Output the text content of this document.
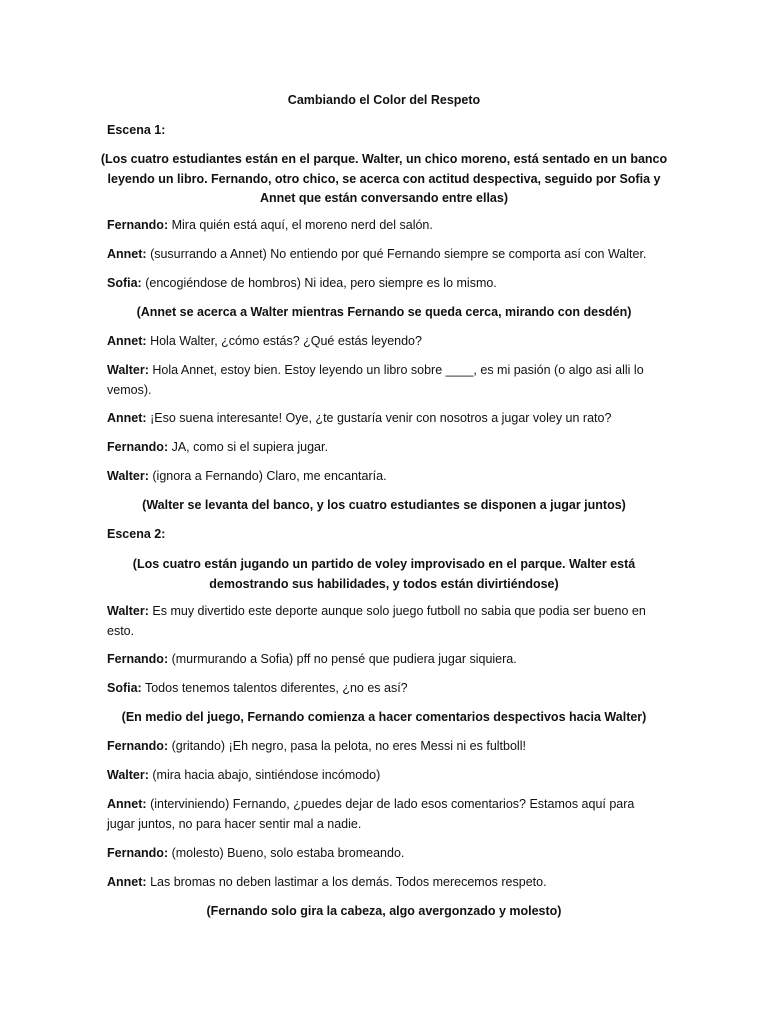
Cambiando el Color del Respeto
Escena 1:
(Los cuatro estudiantes están en el parque. Walter, un chico moreno, está sentado en un banco leyendo un libro. Fernando, otro chico, se acerca con actitud despectiva, seguido por Sofia y Annet que están conversando entre ellas)
Fernando: Mira quién está aquí, el moreno nerd del salón.
Annet: (susurrando a Annet) No entiendo por qué Fernando siempre se comporta así con Walter.
Sofia: (encogiéndose de hombros) Ni idea, pero siempre es lo mismo.
(Annet se acerca a Walter mientras Fernando se queda cerca, mirando con desdén)
Annet: Hola Walter, ¿cómo estás? ¿Qué estás leyendo?
Walter: Hola Annet, estoy bien. Estoy leyendo un libro sobre ____, es mi pasión (o algo asi alli lo vemos).
Annet: ¡Eso suena interesante! Oye, ¿te gustaría venir con nosotros a jugar voley un rato?
Fernando: JA, como si el supiera jugar.
Walter: (ignora a Fernando) Claro, me encantaría.
(Walter se levanta del banco, y los cuatro estudiantes se disponen a jugar juntos)
Escena 2:
(Los cuatro están jugando un partido de voley improvisado en el parque. Walter está demostrando sus habilidades, y todos están divirtiéndose)
Walter: Es muy divertido este deporte aunque solo juego futboll no sabia que podia ser bueno en esto.
Fernando: (murmurando a Sofia) pff no pensé que pudiera jugar siquiera.
Sofia: Todos tenemos talentos diferentes, ¿no es así?
(En medio del juego, Fernando comienza a hacer comentarios despectivos hacia Walter)
Fernando: (gritando) ¡Eh negro, pasa la pelota, no eres Messi ni es fultboll!
Walter: (mira hacia abajo, sintiéndose incómodo)
Annet: (interviniendo) Fernando, ¿puedes dejar de lado esos comentarios? Estamos aquí para jugar juntos, no para hacer sentir mal a nadie.
Fernando: (molesto) Bueno, solo estaba bromeando.
Annet: Las bromas no deben lastimar a los demás. Todos merecemos respeto.
(Fernando solo gira la cabeza, algo avergonzado y molesto)
